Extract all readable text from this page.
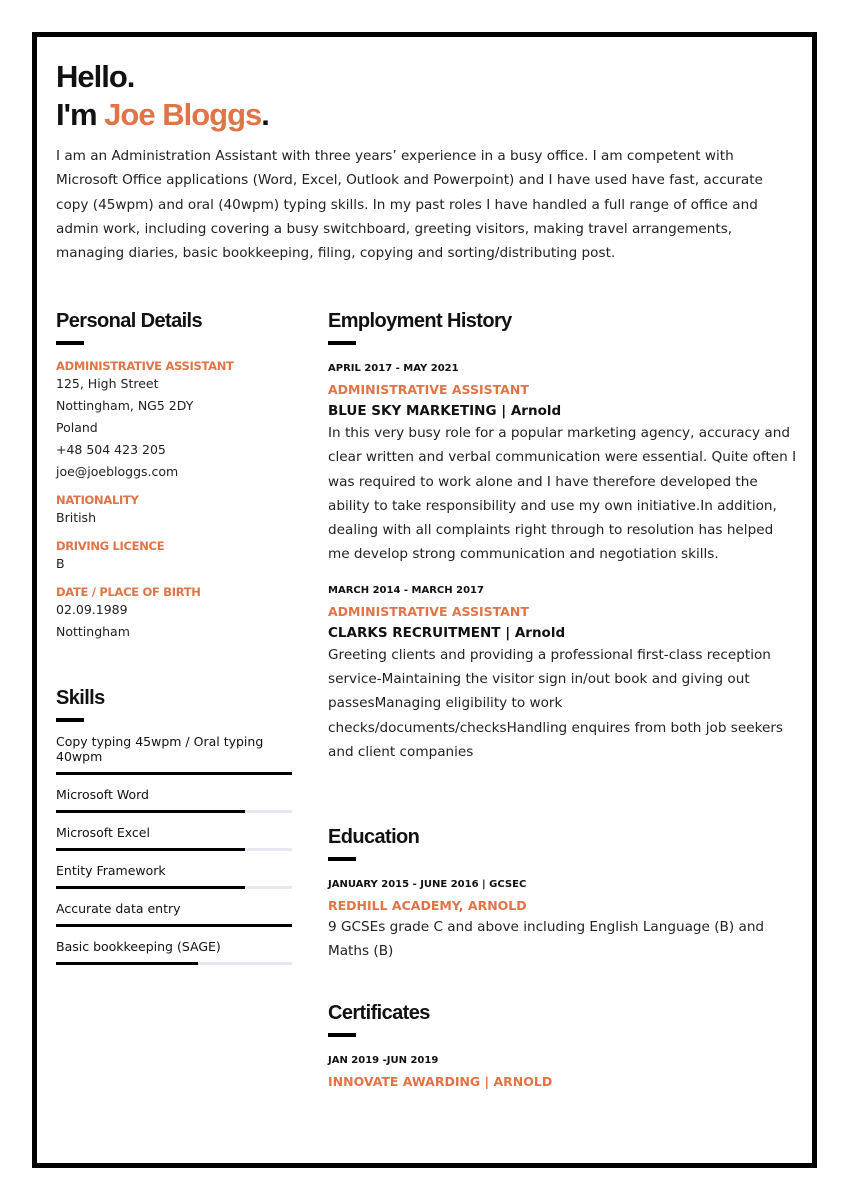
Hello.
I'm Joe Bloggs.

I am an Administration Assistant with three years’ experience in a busy office. I am competent with Microsoft Office applications (Word, Excel, Outlook and Powerpoint) and I have used have fast, accurate copy (45wpm) and oral (40wpm) typing skills. In my past roles I have handled a full range of office and admin work, including covering a busy switchboard, greeting visitors, making travel arrangements, managing diaries, basic bookkeeping, filing, copying and sorting/distributing post.

Personal Details
ADMINISTRATIVE ASSISTANT
125, High Street
Nottingham, NG5 2DY
Poland
+48 504 423 205
joe@joebloggs.com
NATIONALITY
British
DRIVING LICENCE
B
DATE / PLACE OF BIRTH
02.09.1989
Nottingham
Skills
Copy typing 45wpm / Oral typing 40wpm
Microsoft Word
Microsoft Excel
Entity Framework
Accurate data entry
Basic bookkeeping (SAGE)
Employment History
APRIL 2017 - MAY 2021
ADMINISTRATIVE ASSISTANT
BLUE SKY MARKETING | Arnold
In this very busy role for a popular marketing agency, accuracy and clear written and verbal communication were essential. Quite often I was required to work alone and I have therefore developed the ability to take responsibility and use my own initiative.In addition, dealing with all complaints right through to resolution has helped me develop strong communication and negotiation skills.
MARCH 2014 - MARCH 2017
ADMINISTRATIVE ASSISTANT
CLARKS RECRUITMENT | Arnold
Greeting clients and providing a professional first-class reception service-Maintaining the visitor sign in/out book and giving out passesManaging eligibility to work checks/documents/checksHandling enquires from both job seekers and client companies
Education
JANUARY 2015 - JUNE 2016 | GCSEC
REDHILL ACADEMY, ARNOLD
9 GCSEs grade C and above including English Language (B) and Maths (B)
Certificates
JAN 2019 -JUN 2019
INNOVATE AWARDING | ARNOLD
